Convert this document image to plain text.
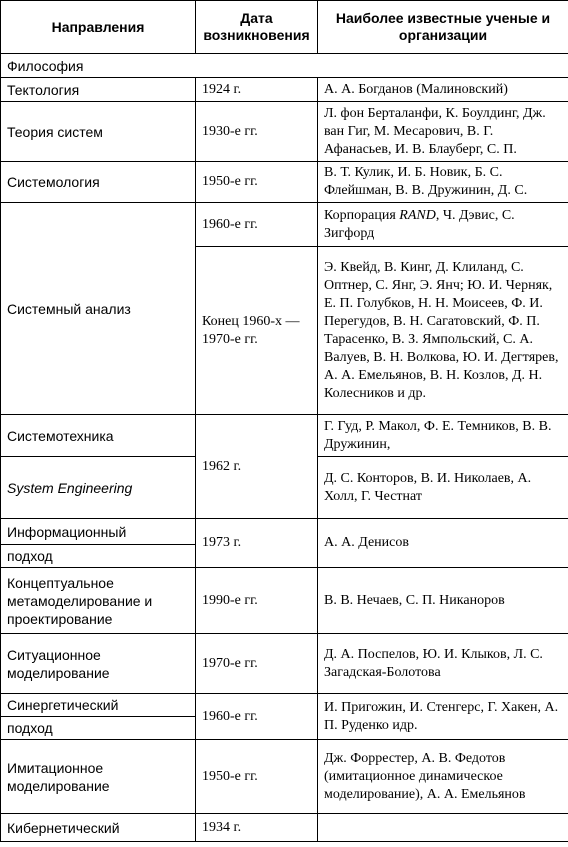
Направления	Дата возникновения	Наиболее известные ученые и организации
Философия		
Тектология	1924 г.	А. А. Богданов (Малиновский)
Теория систем	1930-е гг.	Л. фон Берталанфи, К. Боулдинг, Дж. ван Гиг, М. Месарович, В. Г. Афанасьев, И. В. Блауберг, С. П.
Системология	1950-е гг.	В. Т. Кулик, И. Б. Новик, Б. С. Флейшман, В. В. Дружинин, Д. С.
Системный анализ	1960-е гг.	Корпорация RAND, Ч. Дэвис, С. Зигфорд
	Конец 1960-х — 1970-е гг.	Э. Квейд, В. Кинг, Д. Клиланд, С. Оптнер, С. Янг, Э. Янч; Ю. И. Черняк, Е. П. Голубков, Н. Н. Моисеев, Ф. И. Перегудов, В. Н. Сагатовский, Ф. П. Тарасенко, В. З. Ямпольский, С. А. Валуев, В. Н. Волкова, Ю. И. Дегтярев, А. А. Емельянов, В. Н. Козлов, Д. Н. Колесников и др.
Системотехника	1962 г.	Г. Гуд, Р. Макол, Ф. Е. Темников, В. В. Дружинин,
System Engineering		Д. С. Конторов, В. И. Николаев, А. Холл, Г. Честнат
Информационный	1973 г.	А. А. Денисов
подход		
Концептуальное метамоделирование и проектирование	1990-е гг.	В. В. Нечаев, С. П. Никаноров
Ситуационное моделирование	1970-е гг.	Д. А. Поспелов, Ю. И. Клыков, Л. С. Загадская-Болотова
Синергетический	1960-е гг.	И. Пригожин, И. Стенгерс, Г. Хакен, А. П. Руденко идр.
подход		
Имитационное моделирование	1950-е гг.	Дж. Форрестер, А. В. Федотов (имитационное динамическое моделирование), А. А. Емельянов
Кибернетический	1934 г.	
